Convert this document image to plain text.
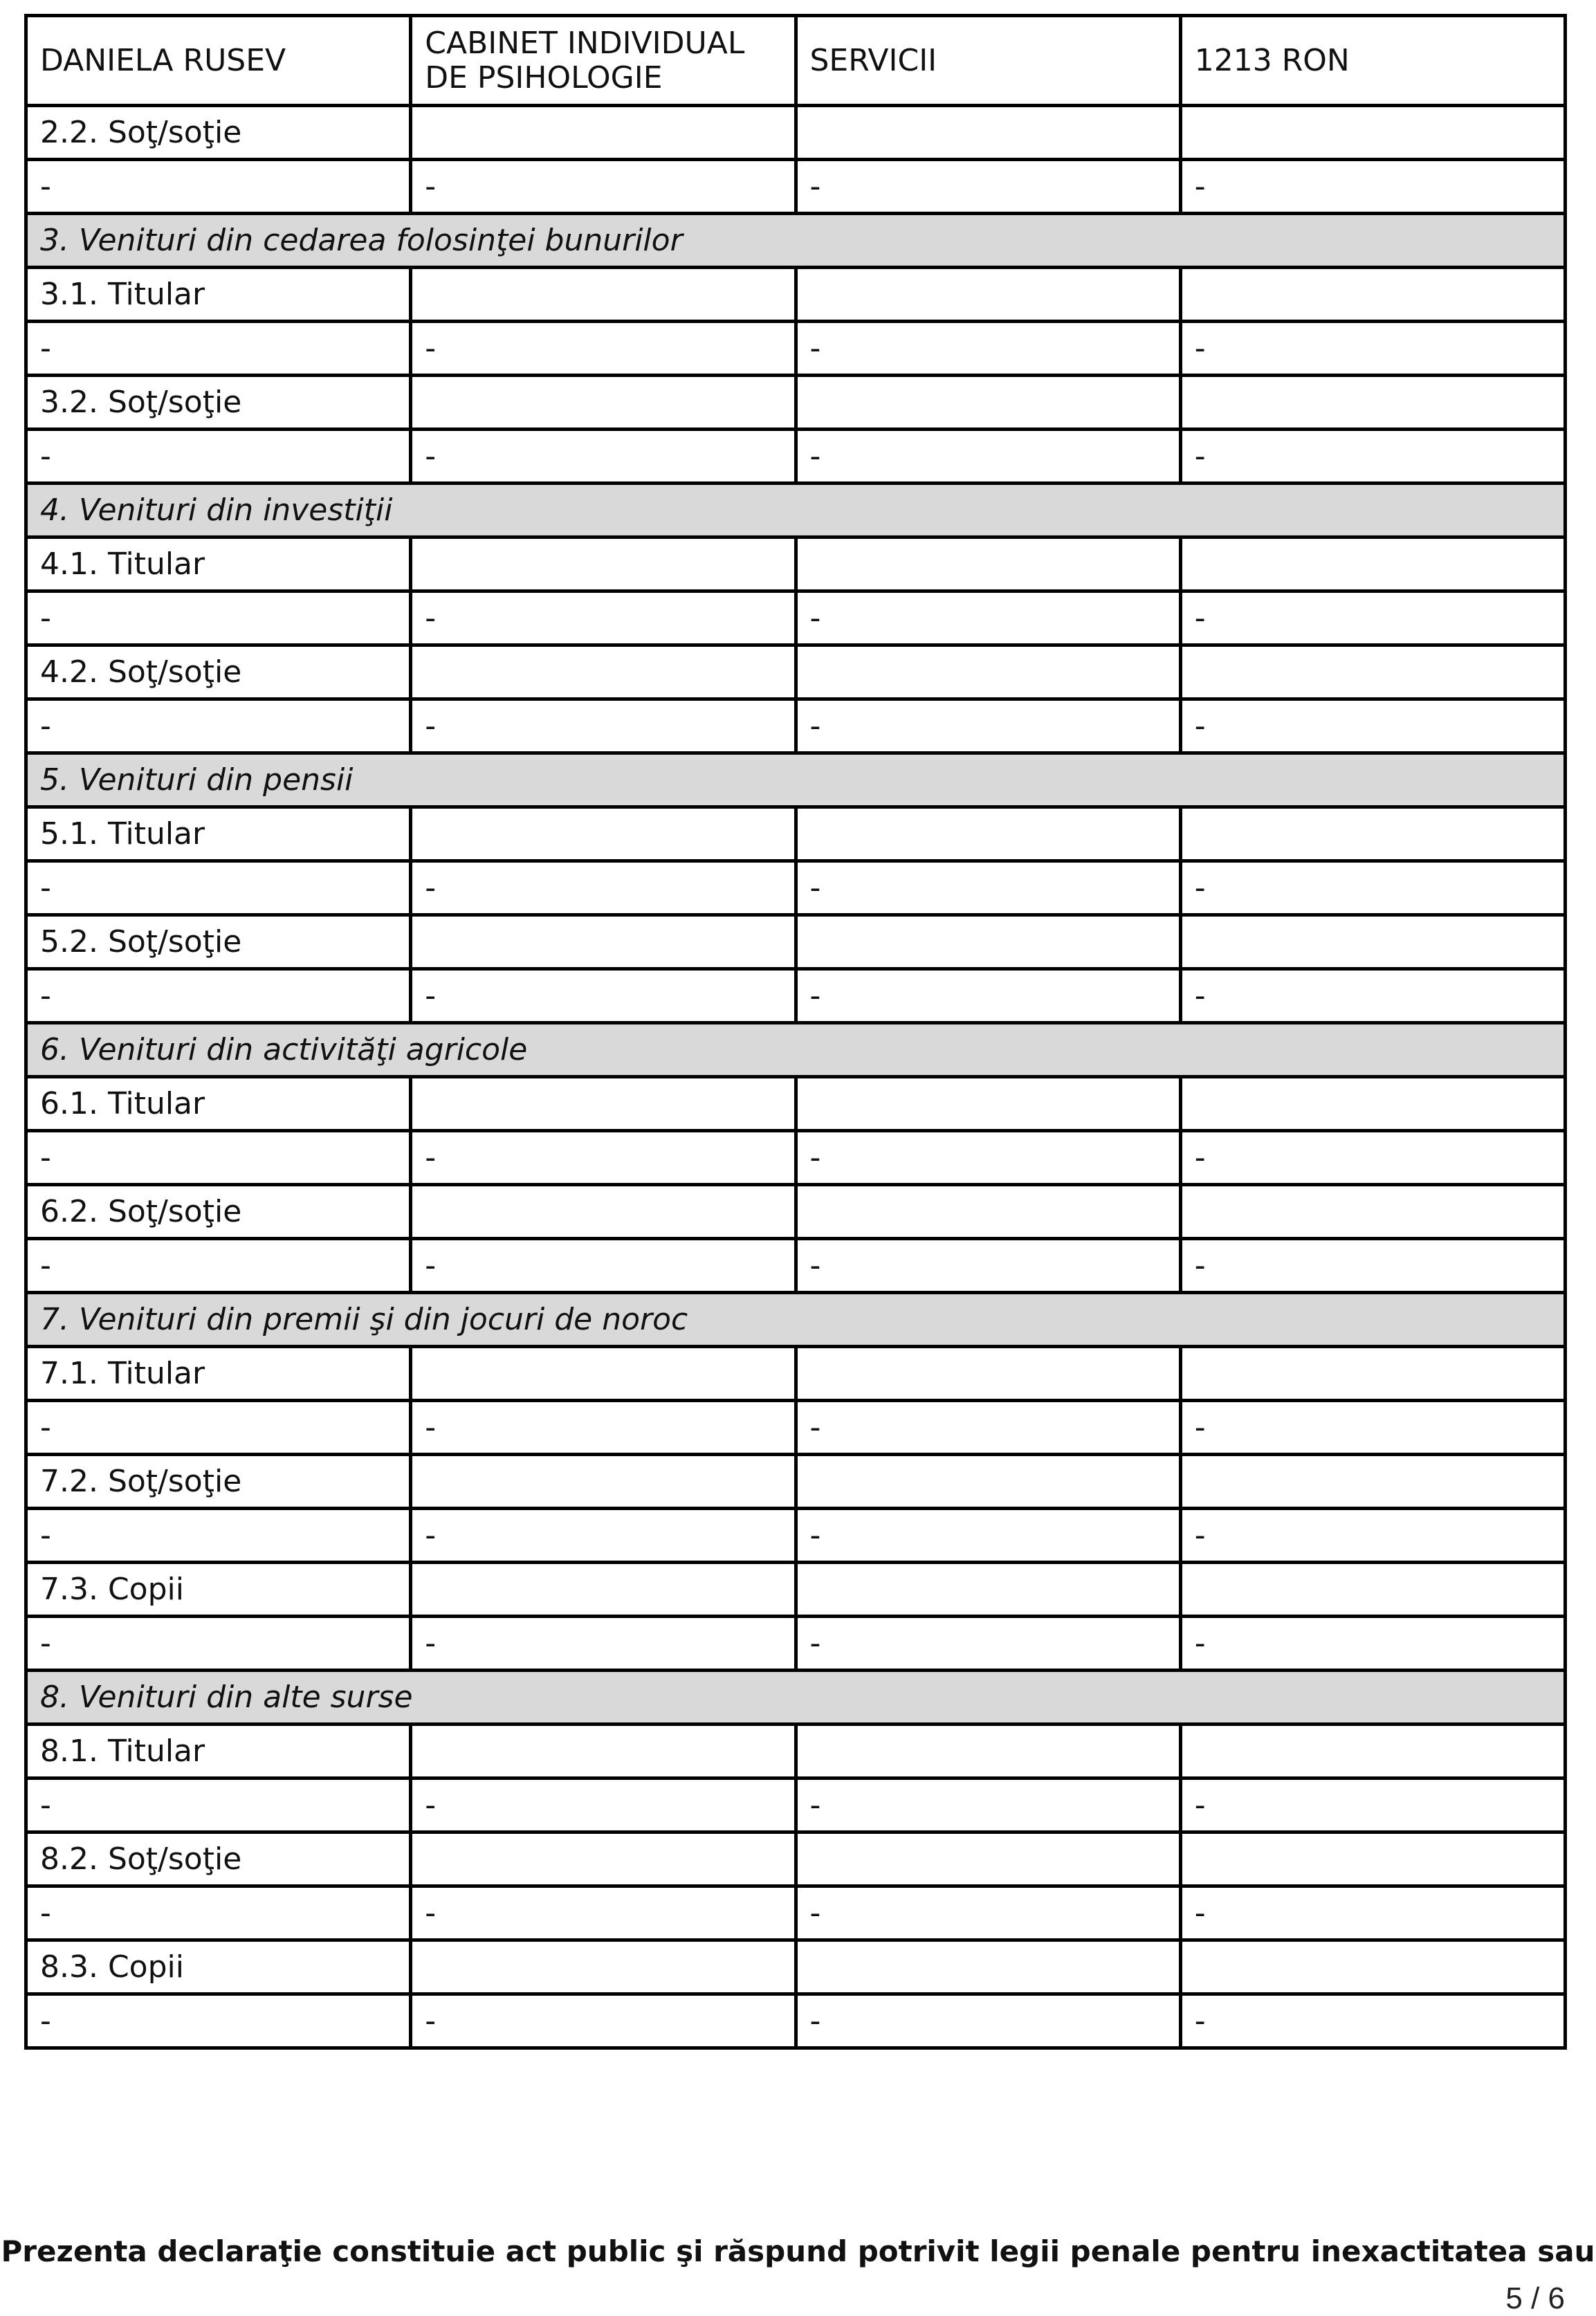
DANIELA RUSEV	CABINET INDIVIDUAL DE PSIHOLOGIE	SERVICII	1213 RON
2.2. Soţ/soţie			
-	-	-	-
3. Venituri din cedarea folosinţei bunurilor			
3.1. Titular			
-	-	-	-
3.2. Soţ/soţie			
-	-	-	-
4. Venituri din investiţii			
4.1. Titular			
-	-	-	-
4.2. Soţ/soţie			
-	-	-	-
5. Venituri din pensii			
5.1. Titular			
-	-	-	-
5.2. Soţ/soţie			
-	-	-	-
6. Venituri din activităţi agricole			
6.1. Titular			
-	-	-	-
6.2. Soţ/soţie			
-	-	-	-
7. Venituri din premii şi din jocuri de noroc			
7.1. Titular			
-	-	-	-
7.2. Soţ/soţie			
-	-	-	-
7.3. Copii			
-	-	-	-
8. Venituri din alte surse			
8.1. Titular			
-	-	-	-
8.2. Soţ/soţie			
-	-	-	-
8.3. Copii			
-	-	-	-
Prezenta declaraţie constituie act public şi răspund potrivit legii penale pentru inexactitatea sau
5 / 6
